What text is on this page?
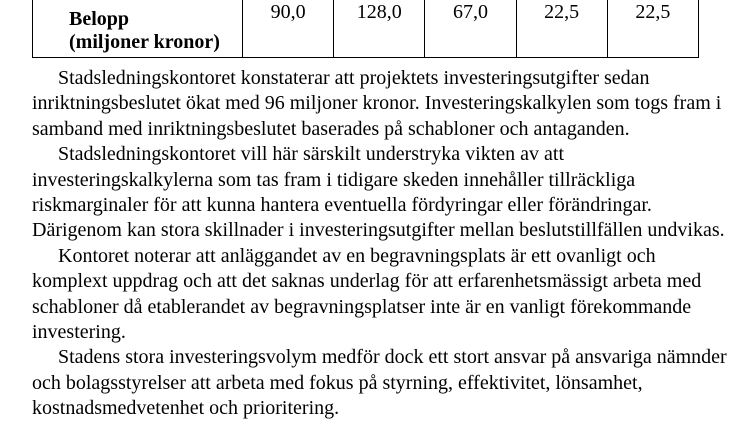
Belopp
(miljoner kronor)
	90,0	128,0	67,0	22,5	22,5

Stadsledningskontoret konstaterar att projektets investeringsutgifter sedan
inriktningsbeslutet ökat med 96 miljoner kronor. Investeringskalkylen som togs fram i
samband med inriktningsbeslutet baserades på schabloner och antaganden.

Stadsledningskontoret vill här särskilt understryka vikten av att
investeringskalkylerna som tas fram i tidigare skeden innehåller tillräckliga
riskmarginaler för att kunna hantera eventuella fördyringar eller förändringar.
Därigenom kan stora skillnader i investeringsutgifter mellan beslutstillfällen undvikas.

Kontoret noterar att anläggandet av en begravningsplats är ett ovanligt och
komplext uppdrag och att det saknas underlag för att erfarenhetsmässigt arbeta med
schabloner då etablerandet av begravningsplatser inte är en vanligt förekommande
investering.

Stadens stora investeringsvolym medför dock ett stort ansvar på ansvariga nämnder
och bolagsstyrelser att arbeta med fokus på styrning, effektivitet, lönsamhet,
kostnadsmedvetenhet och prioritering.
